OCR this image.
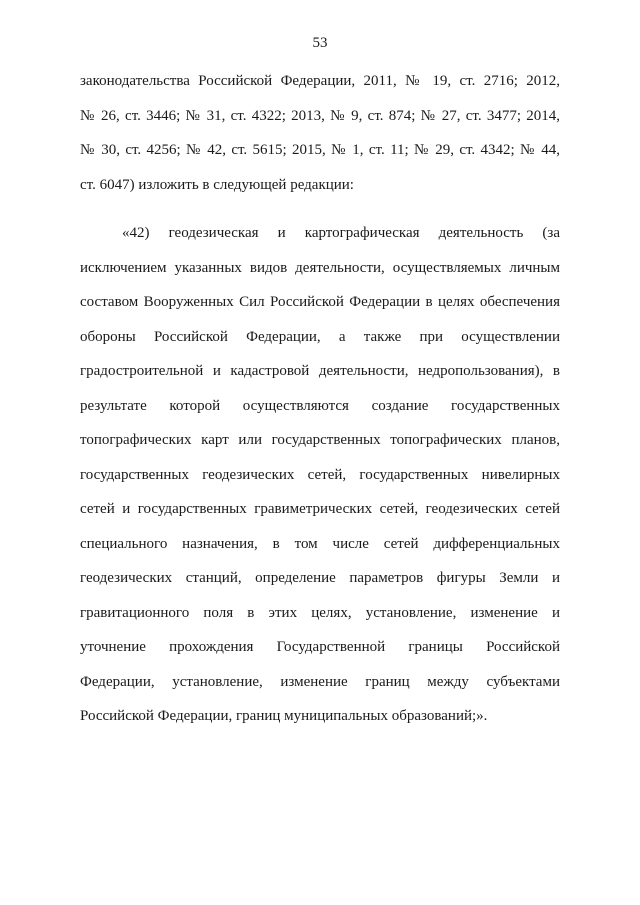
53
законодательства Российской Федерации, 2011, № 19, ст. 2716; 2012,
№ 26, ст. 3446; № 31, ст. 4322; 2013, № 9, ст. 874; № 27, ст. 3477; 2014,
№ 30, ст. 4256; № 42, ст. 5615; 2015, № 1, ст. 11; № 29, ст. 4342; № 44,
ст. 6047) изложить в следующей редакции:
«42) геодезическая и картографическая деятельность (за
исключением указанных видов деятельности, осуществляемых личным
составом Вооруженных Сил Российской Федерации в целях обеспечения
обороны Российской Федерации, а также при осуществлении
градостроительной и кадастровой деятельности, недропользования), в
результате которой осуществляются создание государственных
топографических карт или государственных топографических планов,
государственных геодезических сетей, государственных нивелирных
сетей и государственных гравиметрических сетей, геодезических сетей
специального назначения, в том числе сетей дифференциальных
геодезических станций, определение параметров фигуры Земли и
гравитационного поля в этих целях, установление, изменение и
уточнение прохождения Государственной границы Российской
Федерации, установление, изменение границ между субъектами
Российской Федерации, границ муниципальных образований;».
